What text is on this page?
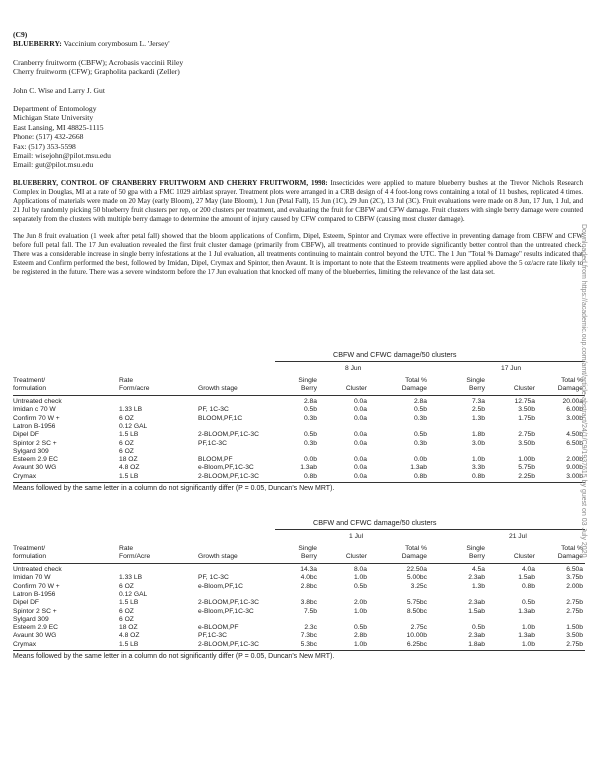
(C9)
BLUEBERRY: Vaccinium corymbosum L. 'Jersey'
Cranberry fruitworm (CBFW); Acrobasis vaccinii Riley
Cherry fruitworm (CFW); Grapholita packardi (Zeller)
John C. Wise and Larry J. Gut
Department of Entomology
Michigan State University
East Lansing, MI 48825-1115
Phone: (517) 432-2668
Fax: (517) 353-5598
Email: wisejohn@pilot.msu.edu
Email: gut@pilot.msu.edu

BLUEBERRY, CONTROL OF CRANBERRY FRUITWORM AND CHERRY FRUITWORM, 1998: Insecticides were applied to mature blueberry bushes at the Trevor Nichols Research Complex in Douglas, MI at a rate of 50 gpa with a FMC 1029 airblast sprayer. Treatment plots were arranged in a CRB design of 4 4 foot-long rows containing a total of 11 bushes, replicated 4 times. Applications of materials were made on 20 May (early Bloom), 27 May (late Bloom), 1 Jun (Petal Fall), 15 Jun (1C), 29 Jun (2C), 13 Jul (3C). Fruit evaluations were made on 8 Jun, 17 Jun, 1 Jul, and 21 Jul by randomly picking 50 blueberry fruit clusters per rep, or 200 clusters per treatment, and evaluating the fruit for CBFW and CFW damage. Fruit clusters with single berry damage were counted separately from the clusters with multiple berry damage to determine the amount of injury caused by CFW compared to CBFW (causing most cluster damage).

The Jun 8 fruit evaluation (1 week after petal fall) showed that the bloom applications of Confirm, Dipel, Esteem, Spintor and Crymax were effective in preventing damage from CBFW and CFW before full petal fall. The 17 Jun evaluation revealed the first fruit cluster damage (primarily from CBFW), all treatments continued to provide significantly better control than the untreated check. There was a considerable increase in single berry infestations at the 1 Jul evaluation, all treatments continuing to maintain control beyond the UTC. The 1 Jun "Total % Damage" results indicated that Esteem and Confirm performed the best, followed by Imidan, Dipel, Crymax and Spintor, then Avaunt. It is important to note that the Esteem treatments were applied above the 5 oz/acre rate likely to be registered in the future. There was a severe windstorm before the 17 Jun evaluation that knocked off many of the blueberries, limiting the relevance of the last data set.

CBFW and CFWC damage/50 clusters
8 Jun	17 Jun
Treatment/
formulation
Rate
Form/acre	Growth stage
Single
Berry	Cluster
Total %
Damage
Single
Berry	Cluster
Total %
Damage
Untreated check	2.8a	0.0a	2.8a	7.3a	12.75a	20.00a
Imidan c 70 W	1.33 LB	PF, 1C-3C	0.5b	0.0a	0.5b	2.5b	3.50b	6.00b
Confirm 70 W +	6 OZ	BLOOM,PF,1C	0.3b	0.0a	0.3b	1.3b	1.75b	3.00b
Latron B-1956	0.12 GAL
Dipel DF	1.5 LB	2-BLOOM,PF,1C-3C	0.5b	0.0a	0.5b	1.8b	2.75b	4.50b
Spintor 2 SC +	6 OZ	PF,1C-3C	0.3b	0.0a	0.3b	3.0b	3.50b	6.50b
Sylgard 309	6 OZ
Esteem 2.9 EC	18 OZ	BLOOM,PF	0.0b	0.0a	0.0b	1.0b	1.00b	2.00b
Avaunt 30 WG	4.8 OZ	e-Bloom,PF,1C-3C	1.3ab	0.0a	1.3ab	3.3b	5.75b	9.00b
Crymax	1.5 LB	2-BLOOM,PF,1C-3C	0.8b	0.0a	0.8b	0.8b	2.25b	3.00b
Means followed by the same letter in a column do not significantly differ (P = 0.05, Duncan's New MRT).
CBFW and CFWC damage/50 clusters
1 Jul	21 Jul
Treatment/
formulation
Rate
Form/Acre	Growth stage
Single
Berry	Cluster
Total %
Damage
Single
Berry	Cluster
Total %
Damage
Untreated check	14.3a	8.0a	22.50a	4.5a	4.0a	6.50a
Imidan 70 W	1.33 LB	PF, 1C-3C	4.0bc	1.0b	5.00bc	2.3ab	1.5ab	3.75b
Confirm 70 W +	6 OZ	e-Bloom,PF,1C	2.8bc	0.5b	3.25c	1.3b	0.8b	2.00b
Latron B-1956	0.12 GAL
Dipel DF	1.5 LB	2-BLOOM,PF,1C-3C	3.8bc	2.0b	5.75bc	2.3ab	0.5b	2.75b
Spintor 2 SC +	6 OZ	e-Bloom,PF,1C-3C	7.5b	1.0b	8.50bc	1.5ab	1.3ab	2.75b
Sylgard 309	6 OZ
Esteem 2.9 EC	18 OZ	e-BLOOM,PF	2.3c	0.5b	2.75c	0.5b	1.0b	1.50b
Avaunt 30 WG	4.8 OZ	PF,1C-3C	7.3bc	2.8b	10.00b	2.3ab	1.3ab	3.50b
Crymax	1.5 LB	2-BLOOM,PF,1C-3C	5.3bc	1.0b	6.25bc	1.8ab	1.0b	2.75b
Means followed by the same letter in a column do not significantly differ (P = 0.05, Duncan's New MRT).
Downloaded from https://academic.oup.com/amt/article-abstract/24/1/C9/1937615 by guest on 03 July 2020
